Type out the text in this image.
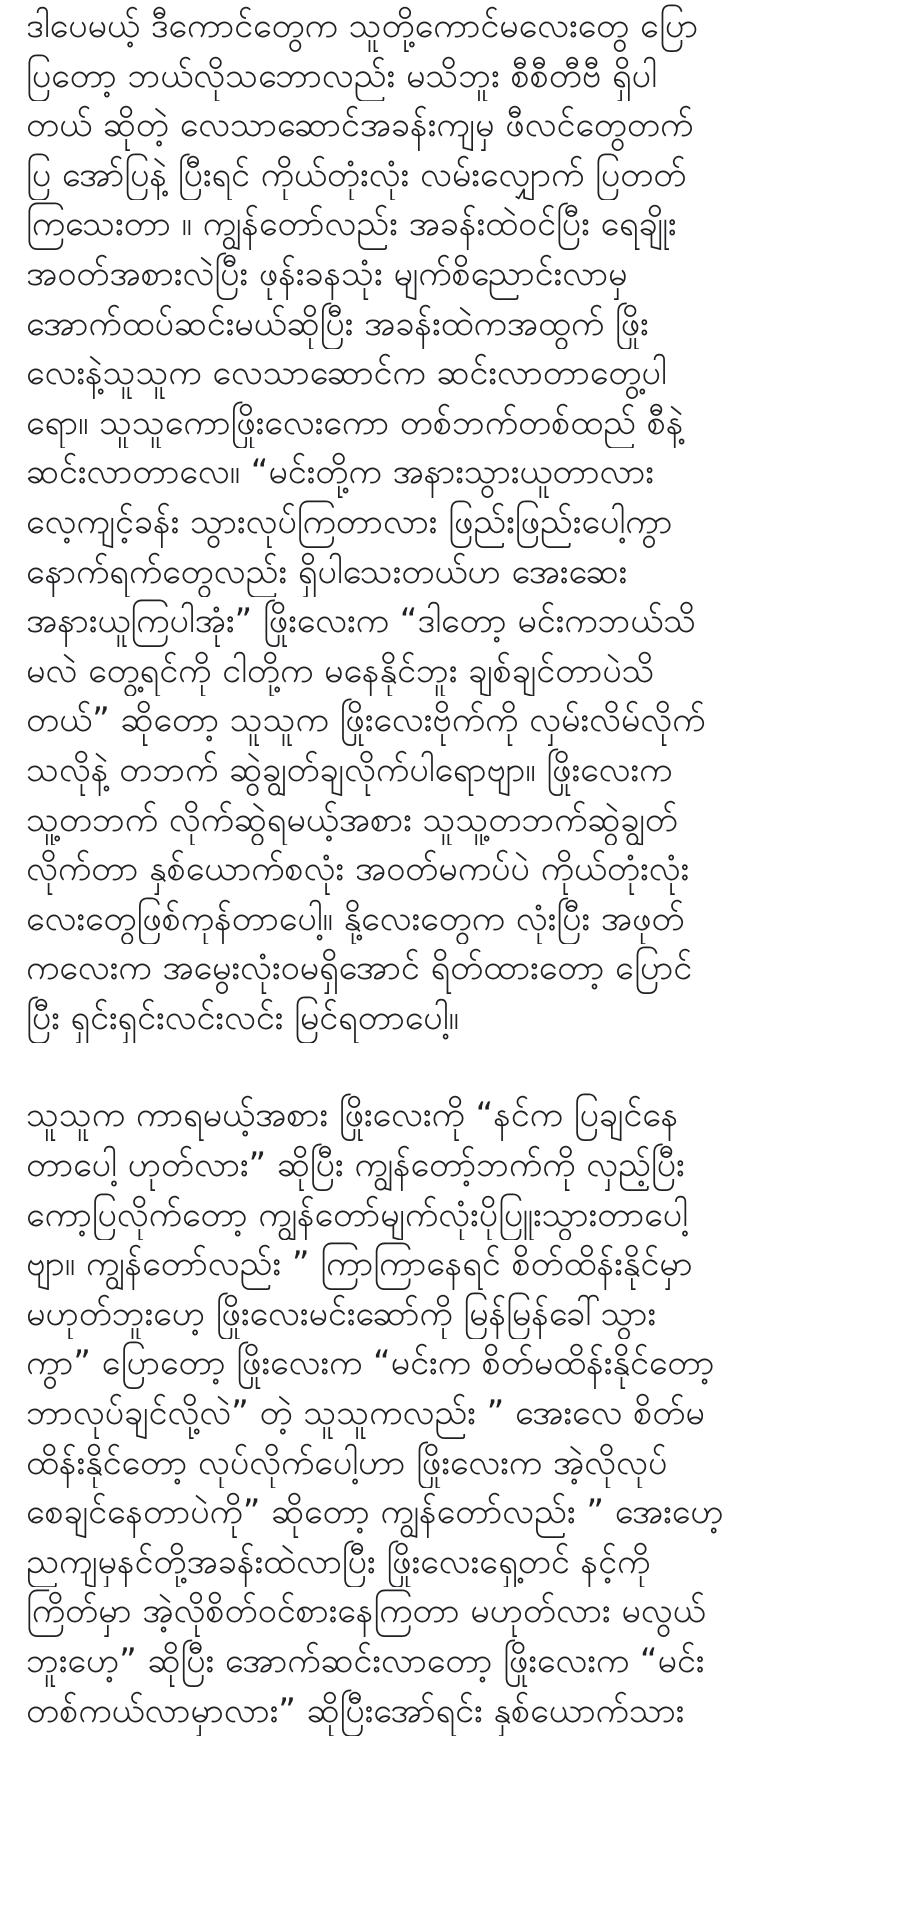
ဒါပေမယ့် ဒီကောင်တွေက သူတို့ကောင်မလေးတွေ ပြော
ပြတော့ ဘယ်လိုသဘောလည်း မသိဘူး စီစီတီဗီ ရှိပါ
တယ် ဆိုတဲ့ လေသာဆောင်အခန်းကျမှ ဖီလင်တွေတက်
ပြ အော်ပြနဲ့ ပြီးရင် ကိုယ်တုံးလုံး လမ်းလျှောက် ပြတတ်
ကြသေးတာ ။ ကျွန်တော်လည်း အခန်းထဲဝင်ပြီး ရေချိုး
အဝတ်အစားလဲပြီး ဖုန်းခနသုံး မျက်စိညောင်းလာမှ
အောက်ထပ်ဆင်းမယ်ဆိုပြီး အခန်းထဲကအထွက် ဖြိုး
လေးနဲ့သူသူက လေသာဆောင်က ဆင်းလာတာတွေ့ပါ
ရော။ သူသူကောဖြိုးလေးကော တစ်ဘက်တစ်ထည် စီနဲ့
ဆင်းလာတာလေ။ “မင်းတို့က အနားသွားယူတာလား
လေ့ကျင့်ခန်း သွားလုပ်ကြတာလား ဖြည်းဖြည်းပေါ့ကွာ
နောက်ရက်တွေလည်း ရှိပါသေးတယ်ဟ အေးဆေး
အနားယူကြပါအုံး” ဖြိုးလေးက “ဒါတော့ မင်းကဘယ်သိ
မလဲ တွေ့ရင်ကို ငါတို့က မနေနိုင်ဘူး ချစ်ချင်တာပဲသိ
တယ်” ဆိုတော့ သူသူက ဖြိုးလေးဗိုက်ကို လှမ်းလိမ်လိုက်
သလိုနဲ့ တဘက် ဆွဲချွတ်ချလိုက်ပါရောဗျာ။ ဖြိုးလေးက
သူ့တဘက် လိုက်ဆွဲရမယ့်အစား သူသူ့တဘက်ဆွဲချွတ်
လိုက်တာ နှစ်ယောက်စလုံး အဝတ်မကပ်ပဲ ကိုယ်တုံးလုံး
လေးတွေဖြစ်ကုန်တာပေါ့။ နို့လေးတွေက လုံးပြီး အဖုတ်
ကလေးက အမွေးလုံးဝမရှိအောင် ရိတ်ထားတော့ ပြောင်
ပြီး ရှင်းရှင်းလင်းလင်း မြင်ရတာပေါ့။
သူသူက ကာရမယ့်အစား ဖြိုးလေးကို “နင်က ပြချင်နေ
တာပေါ့ ဟုတ်လား” ဆိုပြီး ကျွန်တော့်ဘက်ကို လှည့်ပြီး
ကော့ပြလိုက်တော့ ကျွန်တော်မျက်လုံးပိုပြူးသွားတာပေါ့
ဗျာ။ ကျွန်တော်လည်း ” ကြာကြာနေရင် စိတ်ထိန်းနိုင်မှာ
မဟုတ်ဘူးဟေ့ ဖြိုးလေးမင်းဆော်ကို မြန်မြန်ခေါ်သွား
ကွာ” ပြောတော့ ဖြိုးလေးက “မင်းက စိတ်မထိန်းနိုင်တော့
ဘာလုပ်ချင်လို့လဲ” တဲ့ သူသူကလည်း ” အေးလေ စိတ်မ
ထိန်းနိုင်တော့ လုပ်လိုက်ပေါ့ဟာ ဖြိုးလေးက အဲ့လိုလုပ်
စေချင်နေတာပဲကို” ဆိုတော့ ကျွန်တော်လည်း ” အေးဟေ့
ညကျမှနင်တို့အခန်းထဲလာပြီး ဖြိုးလေးရှေ့တင် နင့်ကို
ကြိတ်မှာ အဲ့လိုစိတ်ဝင်စားနေကြတာ မဟုတ်လား မလွယ်
ဘူးဟေ့” ဆိုပြီး အောက်ဆင်းလာတော့ ဖြိုးလေးက “မင်း
တစ်ကယ်လာမှာလား” ဆိုပြီးအော်ရင်း နှစ်ယောက်သား
